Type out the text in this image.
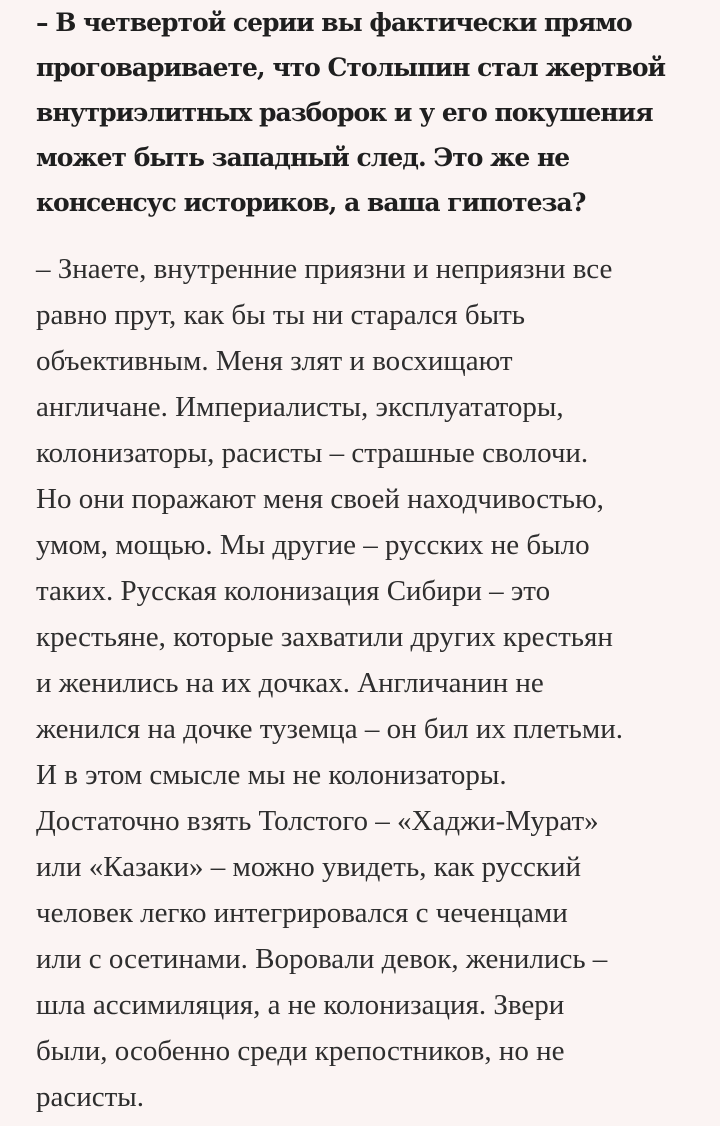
– В четвертой серии вы фактически прямо
проговариваете, что Столыпин стал жертвой
внутриэлитных разборок и у его покушения
может быть западный след. Это же не
консенсус историков, а ваша гипотеза?

– Знаете, внутренние приязни и неприязни все
равно прут, как бы ты ни старался быть
объективным. Меня злят и восхищают
англичане. Империалисты, эксплуататоры,
колонизаторы, расисты – страшные сволочи.
Но они поражают меня своей находчивостью,
умом, мощью. Мы другие – русских не было
таких. Русская колонизация Сибири – это
крестьяне, которые захватили других крестьян
и женились на их дочках. Англичанин не
женился на дочке туземца – он бил их плетьми.
И в этом смысле мы не колонизаторы.
Достаточно взять Толстого – «Хаджи-Мурат»
или «Казаки» – можно увидеть, как русский
человек легко интегрировался с чеченцами
или с осетинами. Воровали девок, женились –
шла ассимиляция, а не колонизация. Звери
были, особенно среди крепостников, но не
расисты.
